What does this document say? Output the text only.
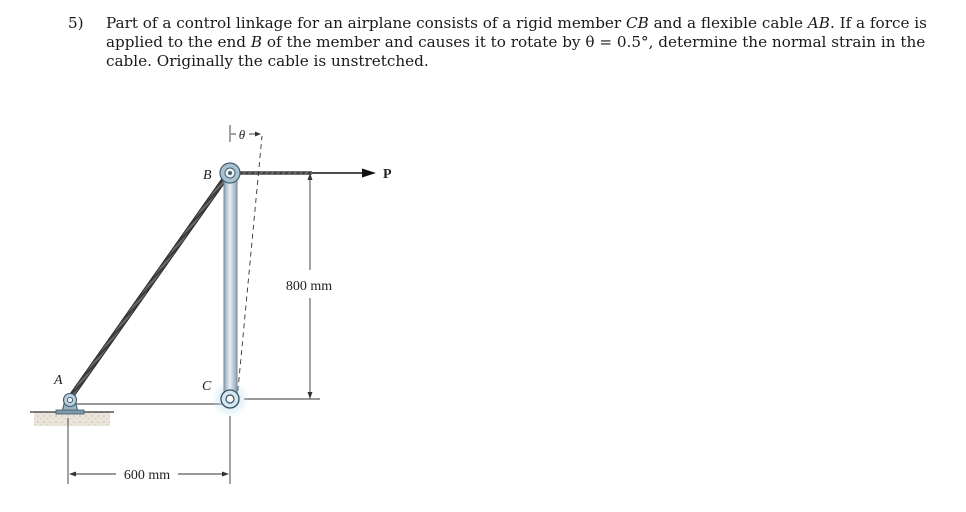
5) Part of a control linkage for an airplane consists of a rigid member CB and a flexible cable AB. If a force is applied to the end B of the member and causes it to rotate by θ = 0.5°, determine the normal strain in the cable. Originally the cable is unstretched.
600 mm
800 mm
θ
P
A
B
C
